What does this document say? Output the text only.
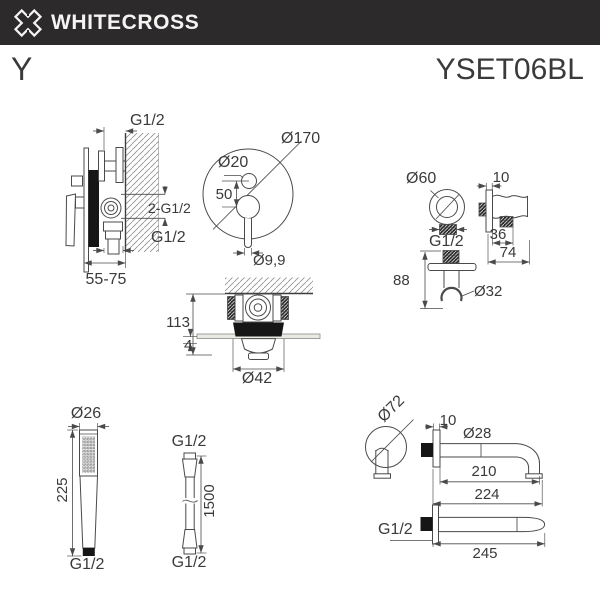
WHITECROSS
Y	YSET06BL
G1/2
2-G1/2
G1/2
55-75
Ø170
Ø20
50
Ø9,9
Ø60
G1/2
10
36
74
88
Ø32
113
4
Ø42
Ø26
225
G1/2
G1/2
1500
G1/2
Ø72 10
Ø28
210
224
G1/2
245
